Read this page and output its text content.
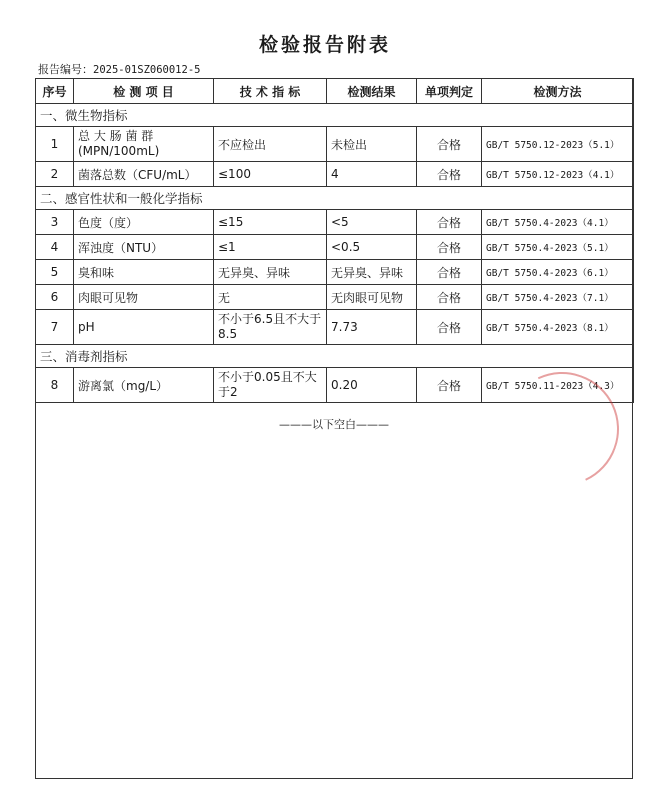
检验报告附表
报告编号：2025-01SZ060012-5
序号	检 测 项 目	技 术 指 标	检测结果	单项判定	检测方法
一、微生物指标					
1	总 大 肠 菌 群 (MPN/100mL)	不应检出	未检出	合格	GB/T 5750.12-2023（5.1）
2	菌落总数（CFU/mL）	≤100	4	合格	GB/T 5750.12-2023（4.1）
二、感官性状和一般化学指标					
3	色度（度）	≤15	<5	合格	GB/T 5750.4-2023（4.1）
4	浑浊度（NTU）	≤1	<0.5	合格	GB/T 5750.4-2023（5.1）
5	臭和味	无异臭、异味	无异臭、异味	合格	GB/T 5750.4-2023（6.1）
6	肉眼可见物	无	无肉眼可见物	合格	GB/T 5750.4-2023（7.1）
7	pH	不小于6.5且不大于8.5	7.73	合格	GB/T 5750.4-2023（8.1）
三、消毒剂指标					
8	游离氯（mg/L）	不小于0.05且不大于2	0.20	合格	GB/T 5750.11-2023（4.3）
———以下空白———
